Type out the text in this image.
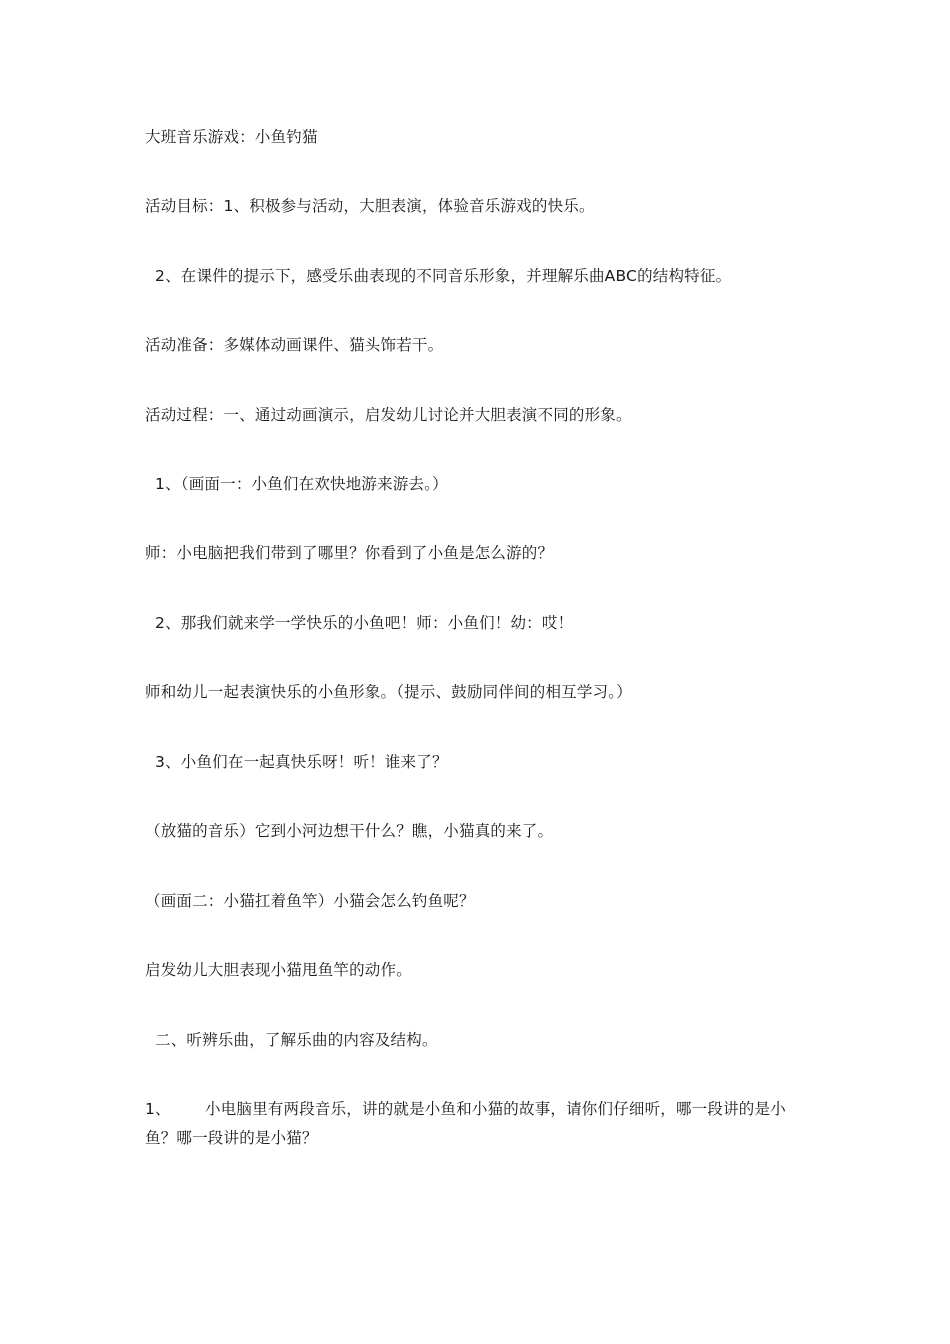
大班音乐游戏：小鱼钓猫
活动目标：1、积极参与活动，大胆表演，体验音乐游戏的快乐。
2、在课件的提示下，感受乐曲表现的不同音乐形象，并理解乐曲ABC的结构特征。
活动准备：多媒体动画课件、猫头饰若干。
活动过程：一、通过动画演示，启发幼儿讨论并大胆表演不同的形象。
1、（画面一：小鱼们在欢快地游来游去。）
师：小电脑把我们带到了哪里？你看到了小鱼是怎么游的？
2、那我们就来学一学快乐的小鱼吧！师：小鱼们！幼：哎！
师和幼儿一起表演快乐的小鱼形象。（提示、鼓励同伴间的相互学习。）
3、小鱼们在一起真快乐呀！听！谁来了？
（放猫的音乐）它到小河边想干什么？瞧，小猫真的来了。
（画面二：小猫扛着鱼竿）小猫会怎么钓鱼呢？
启发幼儿大胆表现小猫甩鱼竿的动作。
二、听辨乐曲，了解乐曲的内容及结构。
1、 小电脑里有两段音乐，讲的就是小鱼和小猫的故事，请你们仔细听，哪一段讲的是小鱼？哪一段讲的是小猫？
